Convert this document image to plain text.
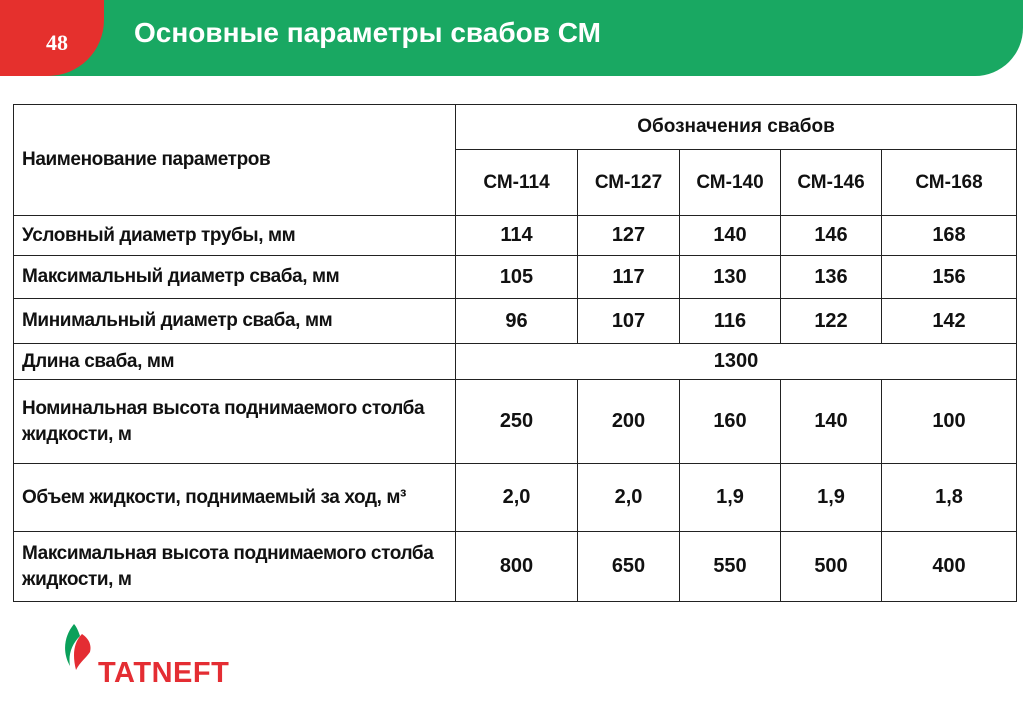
48 Основные параметры свабов СМ
Наименование параметров	Обозначения свабов				
	СМ-114	СМ-127	СМ-140	СМ-146	СМ-168
Условный диаметр трубы, мм	114	127	140	146	168
Максимальный диаметр сваба, мм	105	117	130	136	156
Минимальный диаметр сваба, мм	96	107	116	122	142
Длина сваба, мм	1300				
Номинальная высота поднимаемого столба жидкости, м	250	200	160	140	100
Объем жидкости, поднимаемый за ход, м³	2,0	2,0	1,9	1,9	1,8
Максимальная высота поднимаемого столба жидкости, м	800	650	550	500	400
TATNEFT
